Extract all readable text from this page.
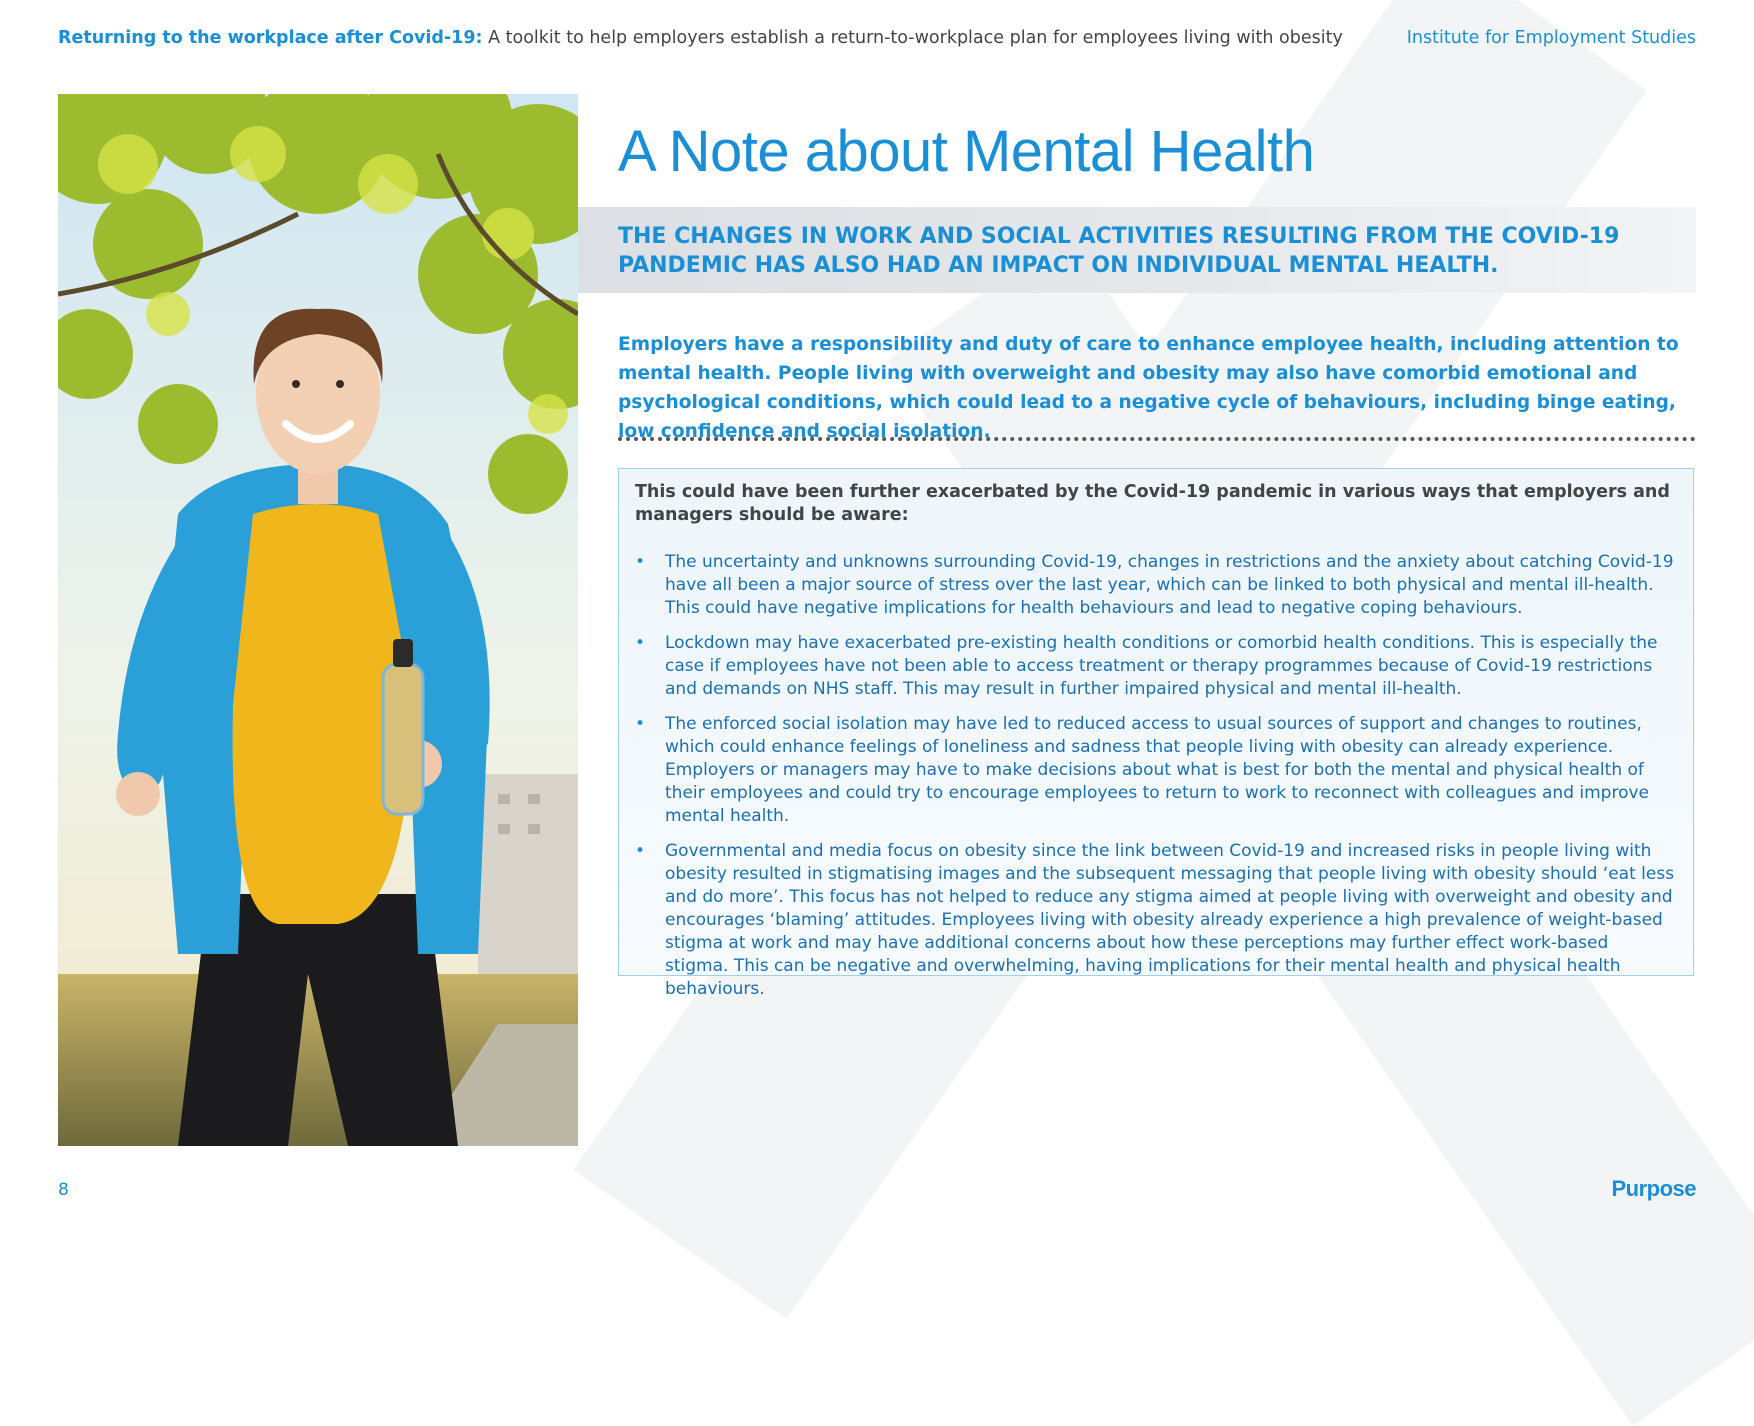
Returning to the workplace after Covid-19: A toolkit to help employers establish a return-to-workplace plan for employees living with obesity	Institute for Employment Studies
A Note about Mental Health
THE CHANGES IN WORK AND SOCIAL ACTIVITIES RESULTING FROM THE COVID-19 PANDEMIC HAS ALSO HAD AN IMPACT ON INDIVIDUAL MENTAL HEALTH.
Employers have a responsibility and duty of care to enhance employee health, including attention to mental health. People living with overweight and obesity may also have comorbid emotional and psychological conditions, which could lead to a negative cycle of behaviours, including binge eating, low confidence and social isolation.
This could have been further exacerbated by the Covid-19 pandemic in various ways that employers and managers should be aware:
• The uncertainty and unknowns surrounding Covid-19, changes in restrictions and the anxiety about catching Covid-19 have all been a major source of stress over the last year, which can be linked to both physical and mental ill-health. This could have negative implications for health behaviours and lead to negative coping behaviours.
• Lockdown may have exacerbated pre-existing health conditions or comorbid health conditions. This is especially the case if employees have not been able to access treatment or therapy programmes because of Covid-19 restrictions and demands on NHS staff. This may result in further impaired physical and mental ill-health.
• The enforced social isolation may have led to reduced access to usual sources of support and changes to routines, which could enhance feelings of loneliness and sadness that people living with obesity can already experience. Employers or managers may have to make decisions about what is best for both the mental and physical health of their employees and could try to encourage employees to return to work to reconnect with colleagues and improve mental health.
• Governmental and media focus on obesity since the link between Covid-19 and increased risks in people living with obesity resulted in stigmatising images and the subsequent messaging that people living with obesity should ‘eat less and do more’. This focus has not helped to reduce any stigma aimed at people living with overweight and obesity and encourages ‘blaming’ attitudes. Employees living with obesity already experience a high prevalence of weight-based stigma at work and may have additional concerns about how these perceptions may further effect work-based stigma. This can be negative and overwhelming, having implications for their mental health and physical health behaviours.
8	Purpose
